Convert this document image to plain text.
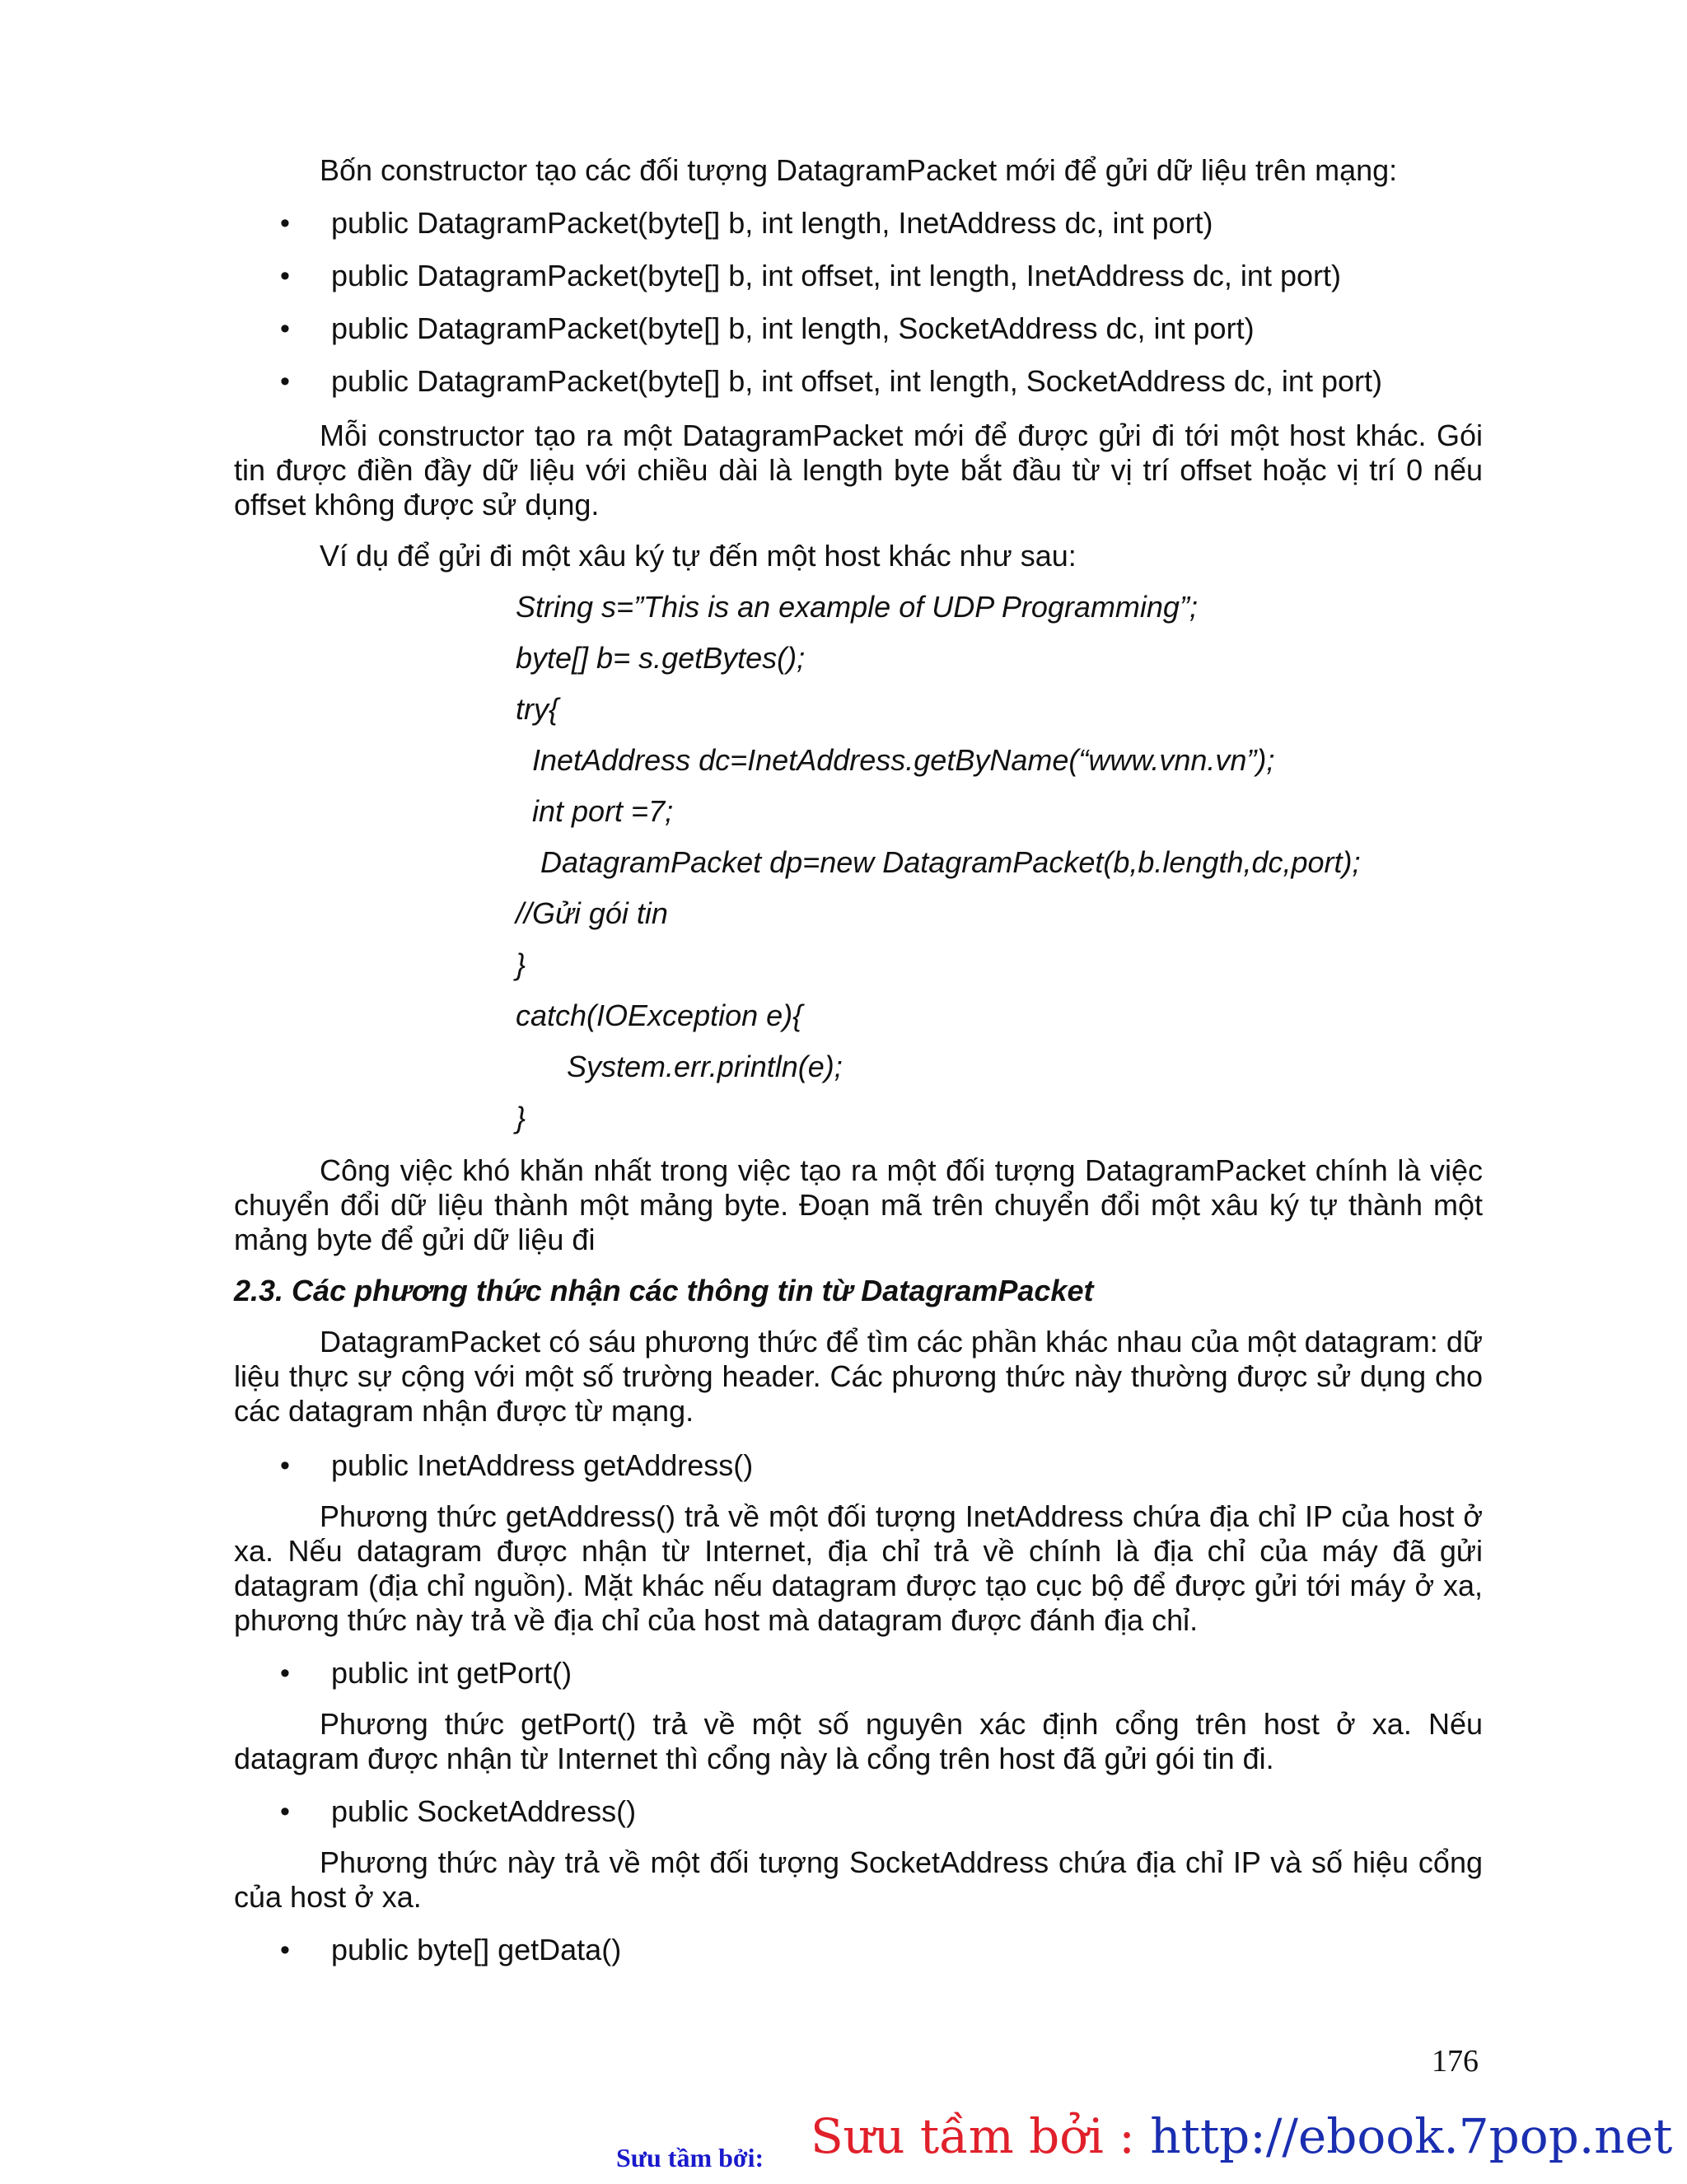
Bốn constructor tạo các đối tượng DatagramPacket mới để gửi dữ liệu trên mạng:
• public DatagramPacket(byte[] b, int length, InetAddress dc, int port)
• public DatagramPacket(byte[] b, int offset, int length, InetAddress dc, int port)
• public DatagramPacket(byte[] b, int length, SocketAddress dc, int port)
• public DatagramPacket(byte[] b, int offset, int length, SocketAddress dc, int port)
Mỗi constructor tạo ra một DatagramPacket mới để được gửi đi tới một host khác. Gói tin được điền đầy dữ liệu với chiều dài là length byte bắt đầu từ vị trí offset hoặc vị trí 0 nếu offset không được sử dụng.
Ví dụ để gửi đi một xâu ký tự đến một host khác như sau:
String s=”This is an example of UDP Programming”;
byte[] b= s.getBytes();
try{
InetAddress dc=InetAddress.getByName(“www.vnn.vn”);
int port =7;
DatagramPacket dp=new DatagramPacket(b,b.length,dc,port);
//Gửi gói tin
}
catch(IOException e){
System.err.println(e);
}
Công việc khó khăn nhất trong việc tạo ra một đối tượng DatagramPacket chính là việc chuyển đổi dữ liệu thành một mảng byte. Đoạn mã trên chuyển đổi một xâu ký tự thành một mảng byte để gửi dữ liệu đi
2.3. Các phương thức nhận các thông tin từ DatagramPacket
DatagramPacket có sáu phương thức để tìm các phần khác nhau của một datagram: dữ liệu thực sự cộng với một số trường header. Các phương thức này thường được sử dụng cho các datagram nhận được từ mạng.
• public InetAddress getAddress()
Phương thức getAddress() trả về một đối tượng InetAddress chứa địa chỉ IP của host ở xa. Nếu datagram được nhận từ Internet, địa chỉ trả về chính là địa chỉ của máy đã gửi datagram (địa chỉ nguồn). Mặt khác nếu datagram được tạo cục bộ để được gửi tới máy ở xa, phương thức này trả về địa chỉ của host mà datagram được đánh địa chỉ.
• public int getPort()
Phương thức getPort() trả về một số nguyên xác định cổng trên host ở xa. Nếu datagram được nhận từ Internet thì cổng này là cổng trên host đã gửi gói tin đi.
• public SocketAddress()
Phương thức này trả về một đối tượng SocketAddress chứa địa chỉ IP và số hiệu cổng của host ở xa.
• public byte[] getData()
176
Sưu tầm bởi: Sưu tầm bởi : http://ebook.7pop.net
